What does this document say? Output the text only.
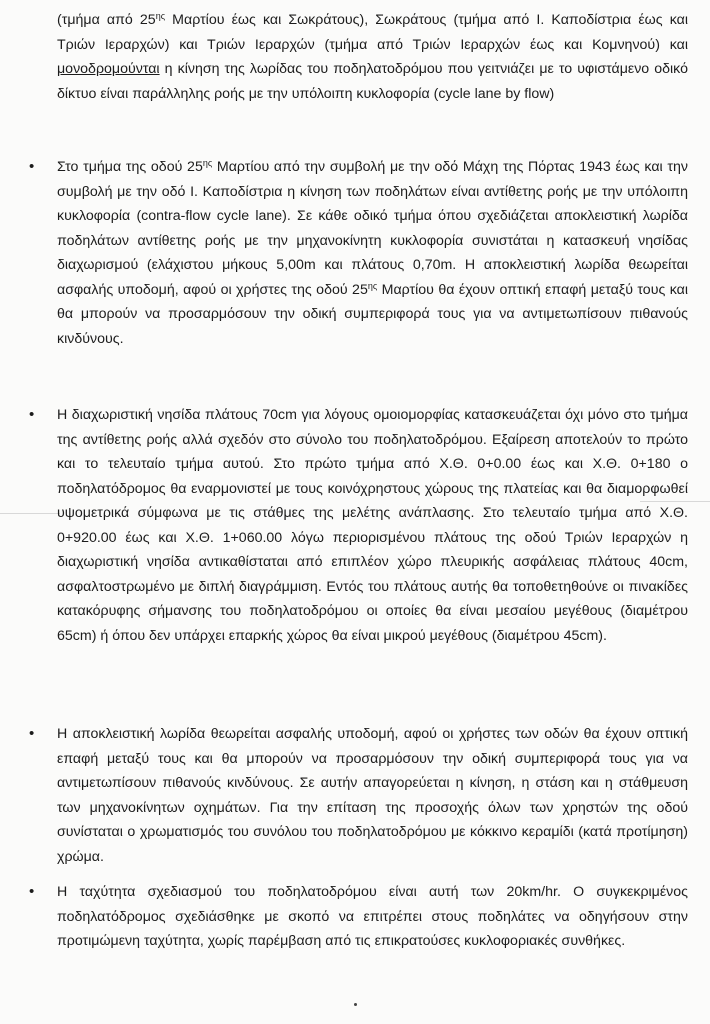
(τμήμα από $25^{\eta\varsigma}$ Μαρτίου έως και Σωκράτους), Σωκράτους (τμήμα από Ι. Καποδίστρια έως και Τριών Ιεραρχών) και Τριών Ιεραρχών (τμήμα από Τριών Ιεραρχών έως και Κομνηνού) και μονοδρομούνται η κίνηση της λωρίδας του ποδηλατοδρόμου που γειτνιάζει με το υφιστάμενο οδικό δίκτυο είναι παράλληλης ροής με την υπόλοιπη κυκλοφορία (cycle lane by flow)

• Στο τμήμα της οδού $25^{\eta\varsigma}$ Μαρτίου από την συμβολή με την οδό Μάχη της Πόρτας 1943 έως και την συμβολή με την οδό Ι. Καποδίστρια η κίνηση των ποδηλάτων είναι αντίθετης ροής με την υπόλοιπη κυκλοφορία (contra-flow cycle lane). Σε κάθε οδικό τμήμα όπου σχεδιάζεται αποκλειστική λωρίδα ποδηλάτων αντίθετης ροής με την μηχανοκίνητη κυκλοφορία συνιστάται η κατασκευή νησίδας διαχωρισμού (ελάχιστου μήκους 5,00m και πλάτους 0,70m. Η αποκλειστική λωρίδα θεωρείται ασφαλής υποδομή, αφού οι χρήστες της οδού $25^{\eta\varsigma}$ Μαρτίου θα έχουν οπτική επαφή μεταξύ τους και θα μπορούν να προσαρμόσουν την οδική συμπεριφορά τους για να αντιμετωπίσουν πιθανούς κινδύνους.

• Η διαχωριστική νησίδα πλάτους 70cm για λόγους ομοιομορφίας κατασκευάζεται όχι μόνο στο τμήμα της αντίθετης ροής αλλά σχεδόν στο σύνολο του ποδηλατοδρόμου. Εξαίρεση αποτελούν το πρώτο και το τελευταίο τμήμα αυτού. Στο πρώτο τμήμα από Χ.Θ. 0+0.00 έως και Χ.Θ. 0+180 ο ποδηλατόδρομος θα εναρμονιστεί με τους κοινόχρηστους χώρους της πλατείας και θα διαμορφωθεί υψομετρικά σύμφωνα με τις στάθμες της μελέτης ανάπλασης. Στο τελευταίο τμήμα από Χ.Θ. 0+920.00 έως και Χ.Θ. 1+060.00 λόγω περιορισμένου πλάτους της οδού Τριών Ιεραρχών η διαχωριστική νησίδα αντικαθίσταται από επιπλέον χώρο πλευρικής ασφάλειας πλάτους 40cm, ασφαλτοστρωμένο με διπλή διαγράμμιση. Εντός του πλάτους αυτής θα τοποθετηθούνε οι πινακίδες κατακόρυφης σήμανσης του ποδηλατοδρόμου οι οποίες θα είναι μεσαίου μεγέθους (διαμέτρου 65cm) ή όπου δεν υπάρχει επαρκής χώρος θα είναι μικρού μεγέθους (διαμέτρου 45cm).

• Η αποκλειστική λωρίδα θεωρείται ασφαλής υποδομή, αφού οι χρήστες των οδών θα έχουν οπτική επαφή μεταξύ τους και θα μπορούν να προσαρμόσουν την οδική συμπεριφορά τους για να αντιμετωπίσουν πιθανούς κινδύνους. Σε αυτήν απαγορεύεται η κίνηση, η στάση και η στάθμευση των μηχανοκίνητων οχημάτων. Για την επίταση της προσοχής όλων των χρηστών της οδού συνίσταται ο χρωματισμός του συνόλου του ποδηλατοδρόμου με κόκκινο κεραμίδι (κατά προτίμηση) χρώμα.

• Η ταχύτητα σχεδιασμού του ποδηλατοδρόμου είναι αυτή των 20km/hr. Ο συγκεκριμένος ποδηλατόδρομος σχεδιάσθηκε με σκοπό να επιτρέπει στους ποδηλάτες να οδηγήσουν στην προτιμώμενη ταχύτητα, χωρίς παρέμβαση από τις επικρατούσες κυκλοφοριακές συνθήκες.
